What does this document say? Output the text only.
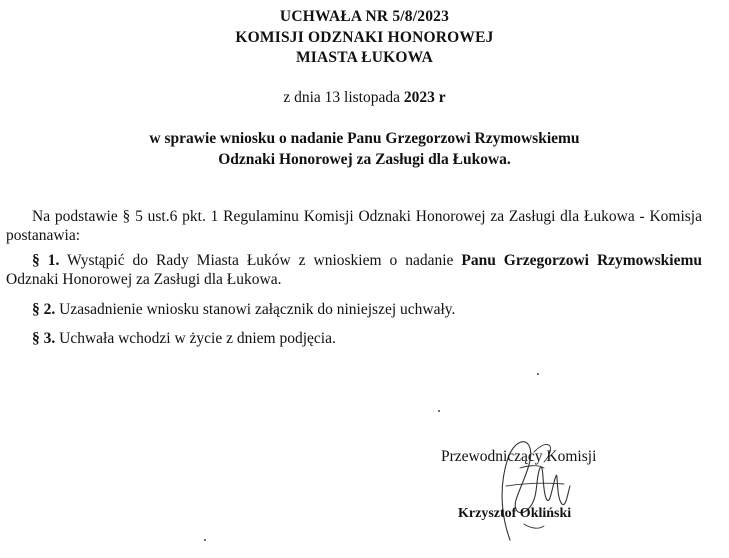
UCHWAŁA NR 5/8/2023
KOMISJI ODZNAKI HONOROWEJ
MIASTA ŁUKOWA
z dnia 13 listopada 2023 r
w sprawie wniosku o nadanie Panu Grzegorzowi Rzymowskiemu
Odznaki Honorowej za Zasługi dla Łukowa.
Na podstawie § 5 ust.6 pkt. 1 Regulaminu Komisji Odznaki Honorowej za Zasługi dla Łukowa - Komisja postanawia:
§ 1. Wystąpić do Rady Miasta Łuków z wnioskiem o nadanie Panu Grzegorzowi Rzymowskiemu Odznaki Honorowej za Zasługi dla Łukowa.
§ 2. Uzasadnienie wniosku stanowi załącznik do niniejszej uchwały.
§ 3. Uchwała wchodzi w życie z dniem podjęcia.
Przewodniczący Komisji
Krzysztof Okliński
